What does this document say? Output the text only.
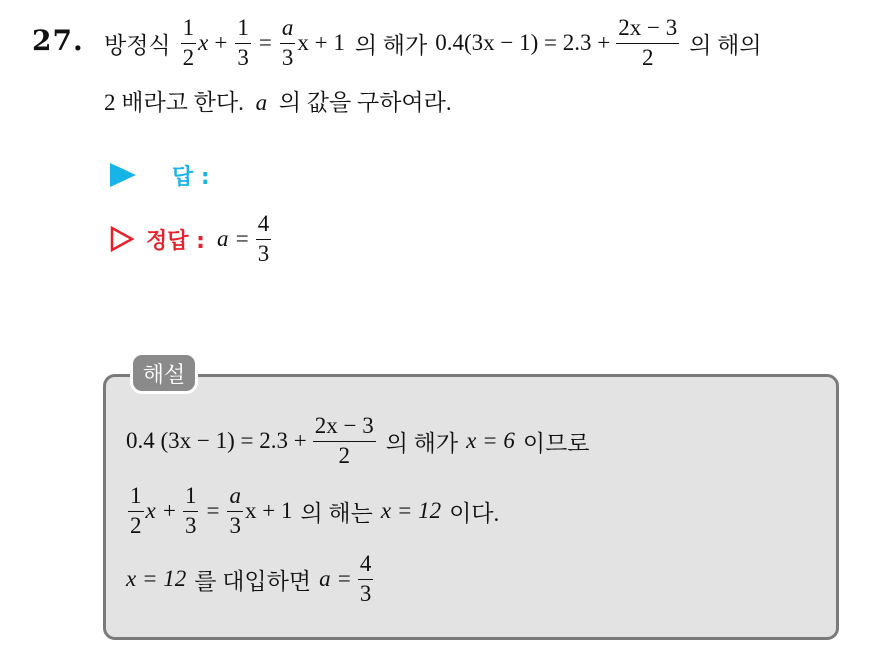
27. 방정식 $\frac{1}{2}$ $x + \frac{1}{3} = \frac{a}{3}$ x + 1 의 해가 $0.4(3x - 1) = 2.3 + \frac{2x - 3}{2}$ 의 해의
2 배라고 한다. a 의 값을 구하여라.
답 :
정답 : $a = \frac{4}{3}$
해설
0.4 $(3x - 1) = 2.3 + \frac{2x - 3}{2}$ 의 해가 x = 6 이므로
$\frac{1}{2}$ $x + \frac{1}{3} = \frac{a}{3}$ x + 1 의 해는 x = 12 이다.
x = 12 를 대입하면 $a = \frac{4}{3}$
